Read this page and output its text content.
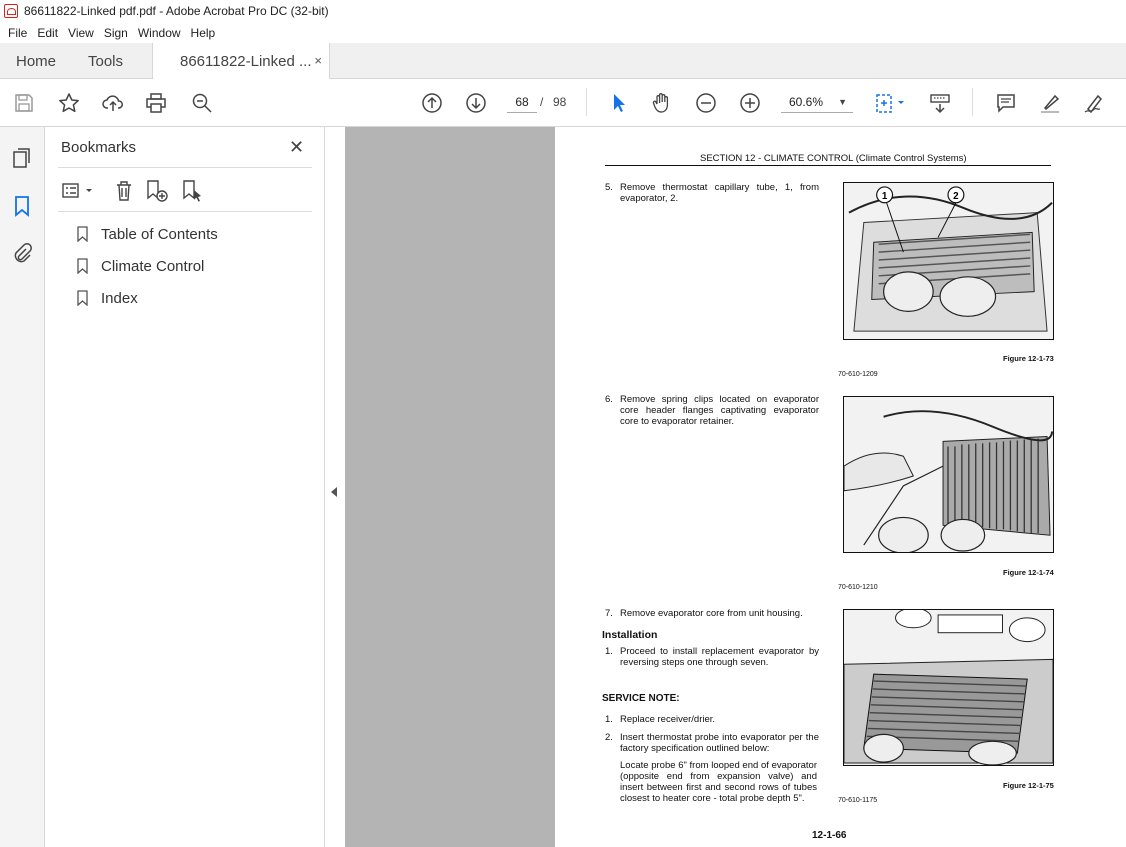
86611822-Linked pdf.pdf - Adobe Acrobat Pro DC (32-bit)
File Edit View Sign Window Help
Home Tools	86611822-Linked ... ×
68 / 98	60.6% ▼
Bookmarks	✕
Table of Contents
Climate Control
Index
SECTION 12 - CLIMATE CONTROL (Climate Control Systems)
5. Remove thermostat capillary tube, 1, from evaporator, 2.
6. Remove spring clips located on evaporator core header flanges captivating evaporator core to evaporator retainer.
7. Remove evaporator core from unit housing.
Installation
1. Proceed to install replacement evaporator by reversing steps one through seven.
SERVICE NOTE:
1. Replace receiver/drier.
2. Insert thermostat probe into evaporator per the factory specification outlined below:
Locate probe 6" from looped end of evaporator (opposite end from expansion valve) and insert between first and second rows of tubes closest to heater core - total probe depth 5".
1	2
Figure 12-1-73
70-610-1209
Figure 12-1-74
70-610-1210
Figure 12-1-75
70-610-1175
12-1-66
